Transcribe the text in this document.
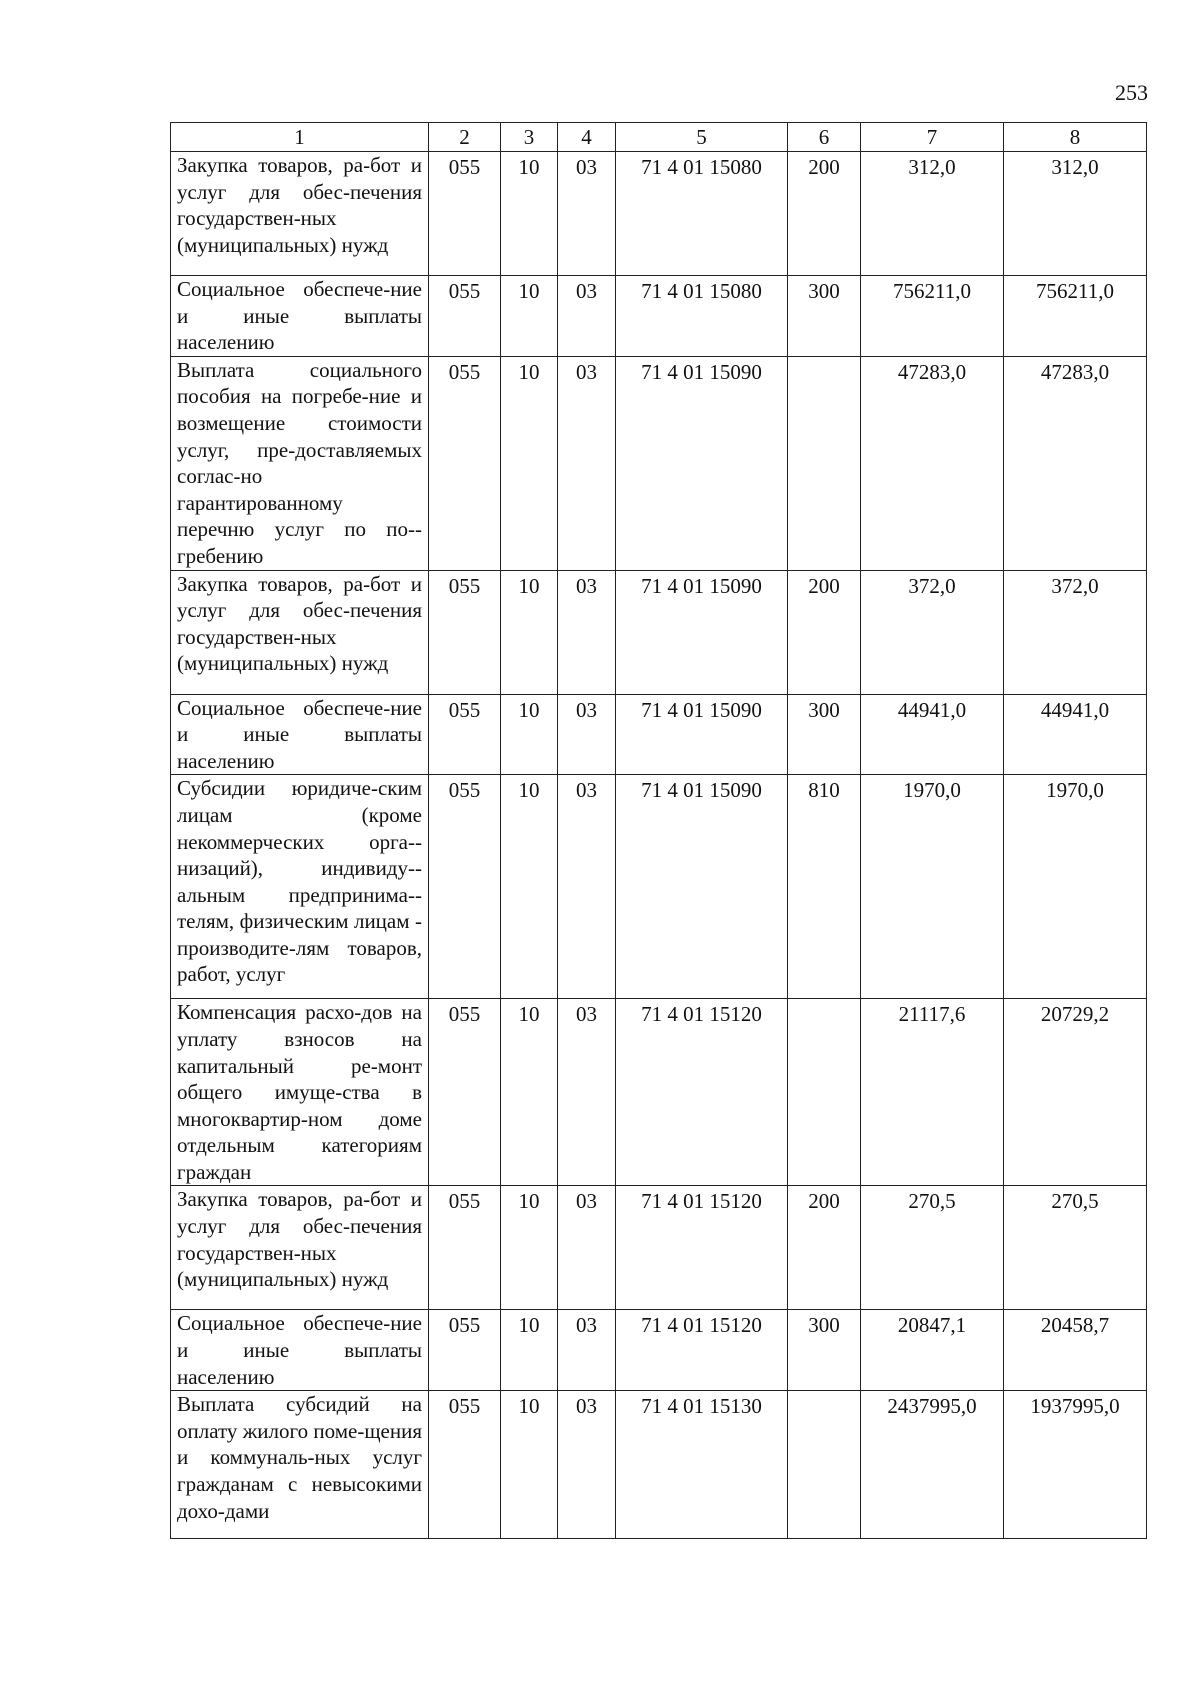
253
1	2	3	4	5	6	7	8
Закупка товаров, ра-бот и услуг для обес-печения государствен-ных (муниципальных) нужд	055	10	03	71 4 01 15080	200	312,0	312,0
Социальное обеспече-ние и иные выплаты населению	055	10	03	71 4 01 15080	300	756211,0	756211,0
Выплата социального пособия на погребе-ние и возмещение стоимости услуг, пре-доставляемых соглас-но гарантированному перечню услуг по по-гребению	055	10	03	71 4 01 15090		47283,0	47283,0
Закупка товаров, ра-бот и услуг для обес-печения государствен-ных (муниципальных) нужд	055	10	03	71 4 01 15090	200	372,0	372,0
Социальное обеспече-ние и иные выплаты населению	055	10	03	71 4 01 15090	300	44941,0	44941,0
Субсидии юридиче-ским лицам (кроме некоммерческих орга-низаций), индивиду-альным предпринима-телям, физическим лицам - производите-лям товаров, работ, услуг	055	10	03	71 4 01 15090	810	1970,0	1970,0
Компенсация расхо-дов на уплату взносов на капитальный ре-монт общего имуще-ства в многоквартир-ном доме отдельным категориям граждан	055	10	03	71 4 01 15120		21117,6	20729,2
Закупка товаров, ра-бот и услуг для обес-печения государствен-ных (муниципальных) нужд	055	10	03	71 4 01 15120	200	270,5	270,5
Социальное обеспече-ние и иные выплаты населению	055	10	03	71 4 01 15120	300	20847,1	20458,7
Выплата субсидий на оплату жилого поме-щения и коммуналь-ных услуг гражданам с невысокими дохо-дами	055	10	03	71 4 01 15130		2437995,0	1937995,0
